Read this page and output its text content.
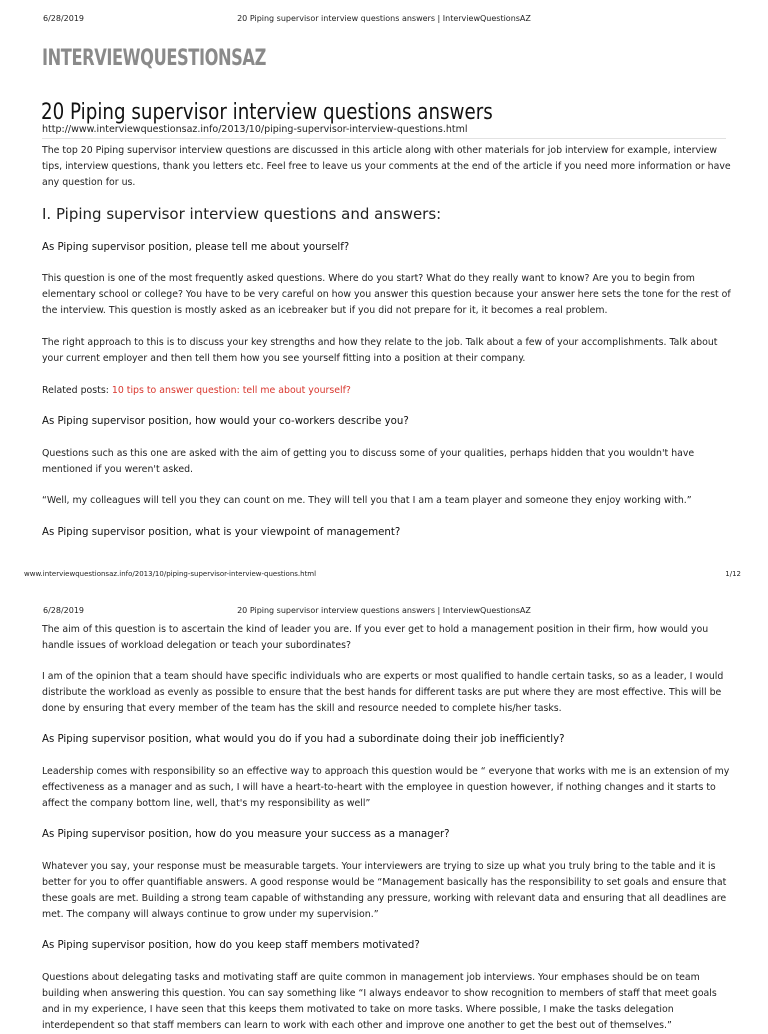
6/28/2019	20 Piping supervisor interview questions answers | InterviewQuestionsAZ
INTERVIEWQUESTIONSAZ
20 Piping supervisor interview questions answers
http://www.interviewquestionsaz.info/2013/10/piping-supervisor-interview-questions.html
The top 20 Piping supervisor interview questions are discussed in this article along with other materials for job interview for example, interview tips, interview questions, thank you letters etc. Feel free to leave us your comments at the end of the article if you need more information or have any question for us.
I. Piping supervisor interview questions and answers:
As Piping supervisor position, please tell me about yourself?
This question is one of the most frequently asked questions. Where do you start? What do they really want to know? Are you to begin from elementary school or college? You have to be very careful on how you answer this question because your answer here sets the tone for the rest of the interview. This question is mostly asked as an icebreaker but if you did not prepare for it, it becomes a real problem.
The right approach to this is to discuss your key strengths and how they relate to the job. Talk about a few of your accomplishments. Talk about your current employer and then tell them how you see yourself fitting into a position at their company.
Related posts: 10 tips to answer question: tell me about yourself?
As Piping supervisor position, how would your co-workers describe you?
Questions such as this one are asked with the aim of getting you to discuss some of your qualities, perhaps hidden that you wouldn't have mentioned if you weren't asked.
“Well, my colleagues will tell you they can count on me. They will tell you that I am a team player and someone they enjoy working with.”
As Piping supervisor position, what is your viewpoint of management?
www.interviewquestionsaz.info/2013/10/piping-supervisor-interview-questions.html	1/12
6/28/2019	20 Piping supervisor interview questions answers | InterviewQuestionsAZ
The aim of this question is to ascertain the kind of leader you are. If you ever get to hold a management position in their firm, how would you handle issues of workload delegation or teach your subordinates?
I am of the opinion that a team should have specific individuals who are experts or most qualified to handle certain tasks, so as a leader, I would distribute the workload as evenly as possible to ensure that the best hands for different tasks are put where they are most effective. This will be done by ensuring that every member of the team has the skill and resource needed to complete his/her tasks.
As Piping supervisor position, what would you do if you had a subordinate doing their job inefficiently?
Leadership comes with responsibility so an effective way to approach this question would be “ everyone that works with me is an extension of my effectiveness as a manager and as such, I will have a heart-to-heart with the employee in question however, if nothing changes and it starts to affect the company bottom line, well, that's my responsibility as well”
As Piping supervisor position, how do you measure your success as a manager?
Whatever you say, your response must be measurable targets. Your interviewers are trying to size up what you truly bring to the table and it is better for you to offer quantifiable answers. A good response would be “Management basically has the responsibility to set goals and ensure that these goals are met. Building a strong team capable of withstanding any pressure, working with relevant data and ensuring that all deadlines are met. The company will always continue to grow under my supervision.”
As Piping supervisor position, how do you keep staff members motivated?
Questions about delegating tasks and motivating staff are quite common in management job interviews. Your emphases should be on team building when answering this question. You can say something like “I always endeavor to show recognition to members of staff that meet goals and in my experience, I have seen that this keeps them motivated to take on more tasks. Where possible, I make the tasks delegation interdependent so that staff members can learn to work with each other and improve one another to get the best out of themselves.”
